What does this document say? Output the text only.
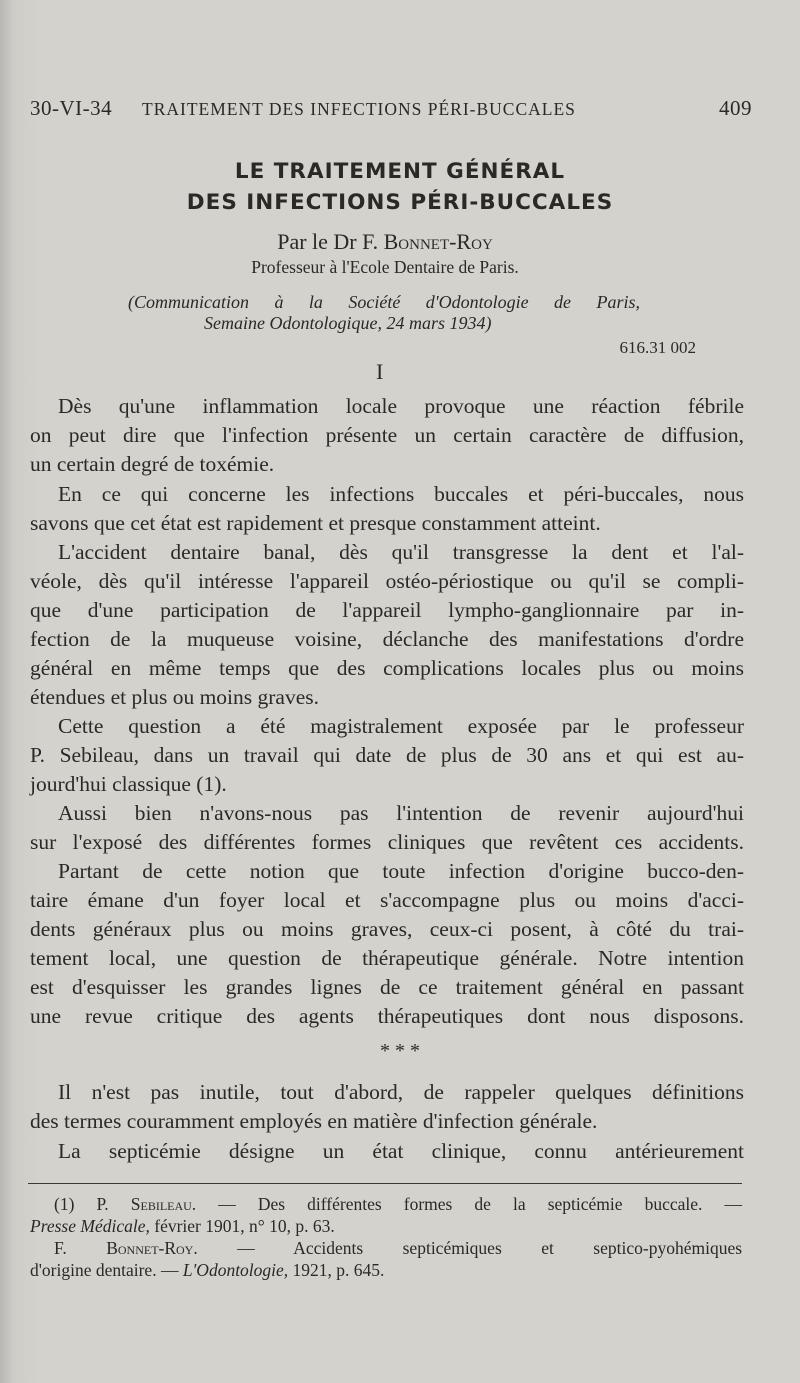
30-VI-34 TRAITEMENT DES INFECTIONS PÉRI-BUCCALES	409
LE TRAITEMENT GÉNÉRAL
DES INFECTIONS PÉRI-BUCCALES
Par le Dr F. Bonnet-Roy
Professeur à l'Ecole Dentaire de Paris.
(Communication à la Société d'Odontologie de Paris,
Semaine Odontologique, 24 mars 1934)
616.31 002
I
Dès qu'une inflammation locale provoque une réaction fébrile
on peut dire que l'infection présente un certain caractère de diffusion,
un certain degré de toxémie.
En ce qui concerne les infections buccales et péri-buccales, nous
savons que cet état est rapidement et presque constamment atteint.
L'accident dentaire banal, dès qu'il transgresse la dent et l'al-
véole, dès qu'il intéresse l'appareil ostéo-périostique ou qu'il se compli-
que d'une participation de l'appareil lympho-ganglionnaire par in-
fection de la muqueuse voisine, déclanche des manifestations d'ordre
général en même temps que des complications locales plus ou moins
étendues et plus ou moins graves.
Cette question a été magistralement exposée par le professeur
P. Sebileau, dans un travail qui date de plus de 30 ans et qui est au-
jourd'hui classique (1).
Aussi bien n'avons-nous pas l'intention de revenir aujourd'hui
sur l'exposé des différentes formes cliniques que revêtent ces accidents.
Partant de cette notion que toute infection d'origine bucco-den-
taire émane d'un foyer local et s'accompagne plus ou moins d'acci-
dents généraux plus ou moins graves, ceux-ci posent, à côté du trai-
tement local, une question de thérapeutique générale. Notre intention
est d'esquisser les grandes lignes de ce traitement général en passant
une revue critique des agents thérapeutiques dont nous disposons.
* * *
Il n'est pas inutile, tout d'abord, de rappeler quelques définitions
des termes couramment employés en matière d'infection générale.
La septicémie désigne un état clinique, connu antérieurement
(1) P. Sebileau. — Des différentes formes de la septicémie buccale. —
Presse Médicale, février 1901, n° 10, p. 63.
F. Bonnet-Roy. — Accidents septicémiques et septico-pyohémiques
d'origine dentaire. — L'Odontologie, 1921, p. 645.
